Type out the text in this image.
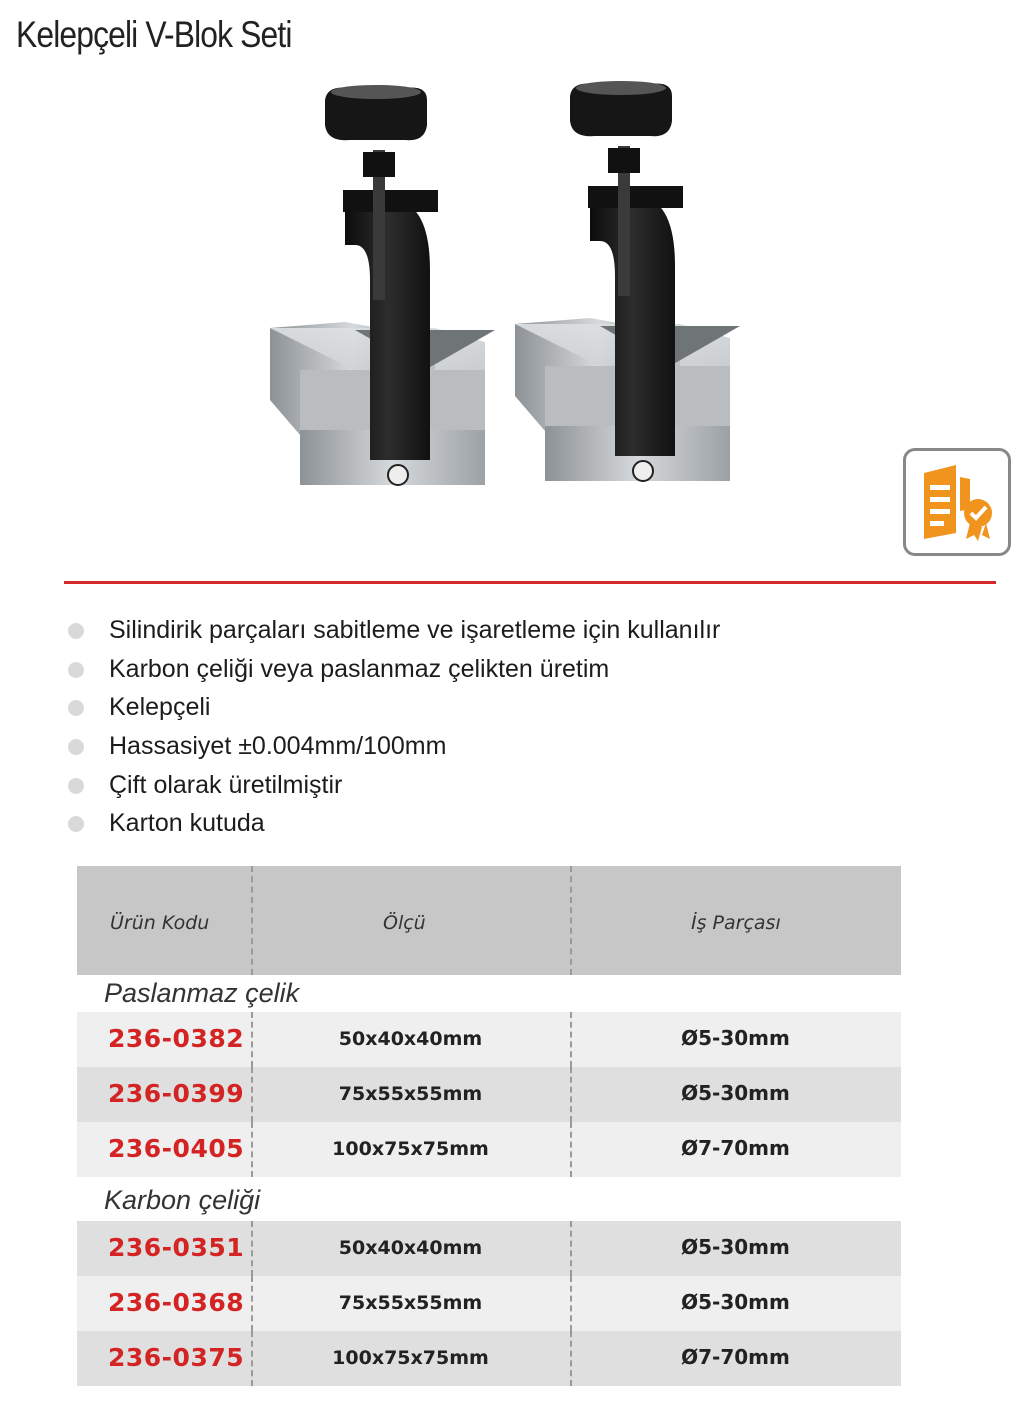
Kelepçeli V-Blok Seti
Silindirik parçaları sabitleme ve işaretleme için kullanılır
Karbon çeliği veya paslanmaz çelikten üretim
Kelepçeli
Hassasiyet ±0.004mm/100mm
Çift olarak üretilmiştir
Karton kutuda
Ürün Kodu	Ölçü	İş Parçası
Paslanmaz çelik
236-0382	50x40x40mm	Ø5-30mm
236-0399	75x55x55mm	Ø5-30mm
236-0405	100x75x75mm	Ø7-70mm
Karbon çeliği
236-0351	50x40x40mm	Ø5-30mm
236-0368	75x55x55mm	Ø5-30mm
236-0375	100x75x75mm	Ø7-70mm
